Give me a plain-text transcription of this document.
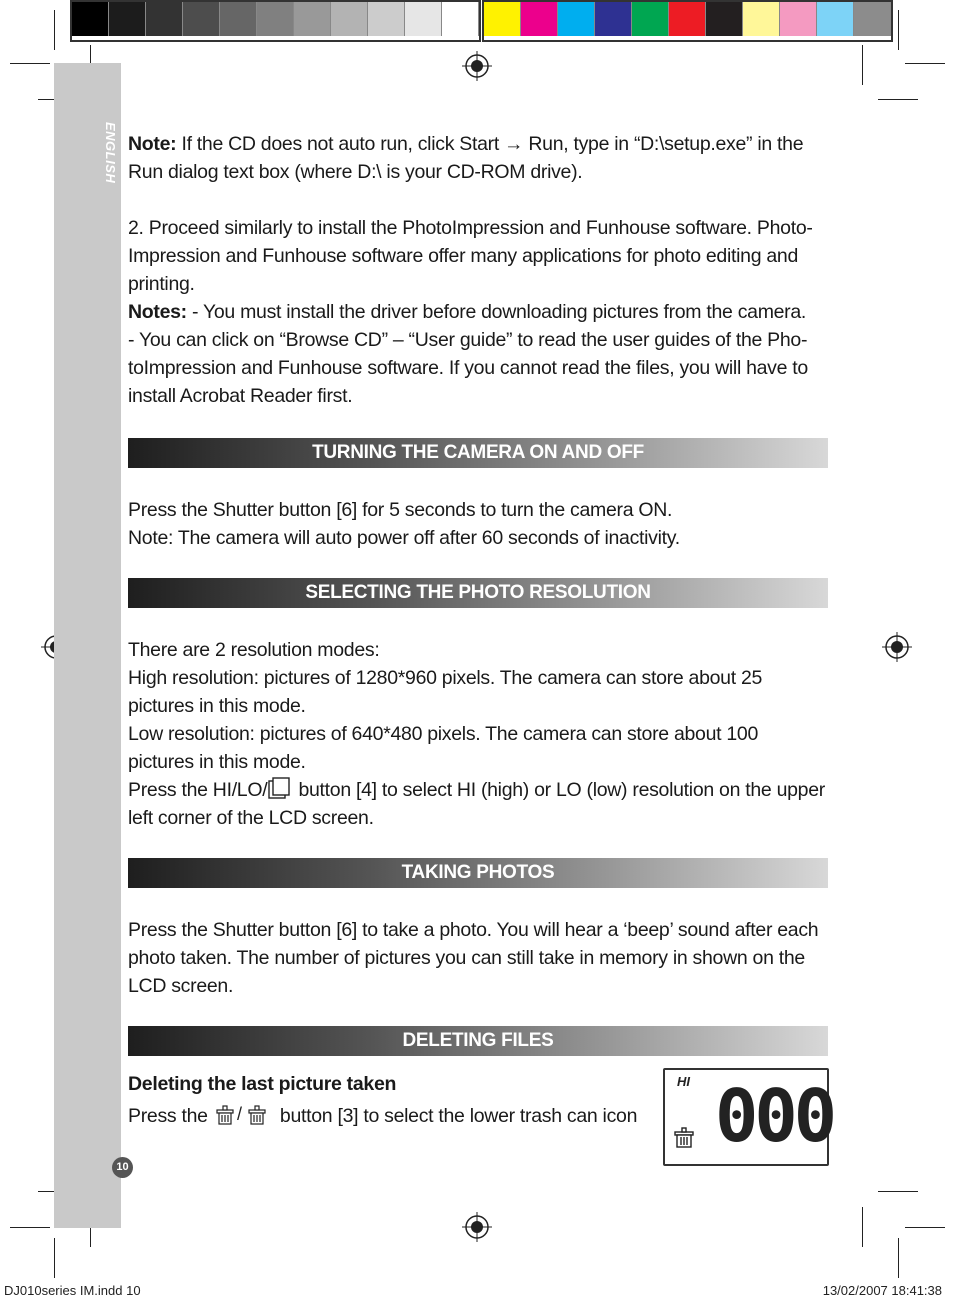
ENGLISH
10

Note: If the CD does not auto run, click Start → Run, type in “D:\setup.exe” in the Run dialog text box (where D:\ is your CD-ROM drive).

2. Proceed similarly to install the PhotoImpression and Funhouse software. Photo-Impression and Funhouse software offer many applications for photo editing and printing.

Notes: - You must install the driver before downloading pictures from the camera.

- You can click on “Browse CD” – “User guide” to read the user guides of the Pho-toImpression and Funhouse software. If you cannot read the files, you will have to install Acrobat Reader first.

TURNING THE CAMERA ON AND OFF

Press the Shutter button [6] for 5 seconds to turn the camera ON.

Note: The camera will auto power off after 60 seconds of inactivity.

SELECTING THE PHOTO RESOLUTION

There are 2 resolution modes:

High resolution: pictures of 1280*960 pixels. The camera can store about 25 pictures in this mode.

Low resolution: pictures of 640*480 pixels. The camera can store about 100 pictures in this mode.

Press the HI/LO/ button [4] to select HI (high) or LO (low) resolution on the upper left corner of the LCD screen.

TAKING PHOTOS

Press the Shutter button [6] to take a photo. You will hear a ‘beep’ sound after each photo taken. The number of pictures you can still take in memory in shown on the LCD screen.

DELETING FILES

Deleting the last picture taken

Press the / button [3] to select the lower trash can icon

HI 000
DJ010series IM.indd 10	13/02/2007 18:41:38
